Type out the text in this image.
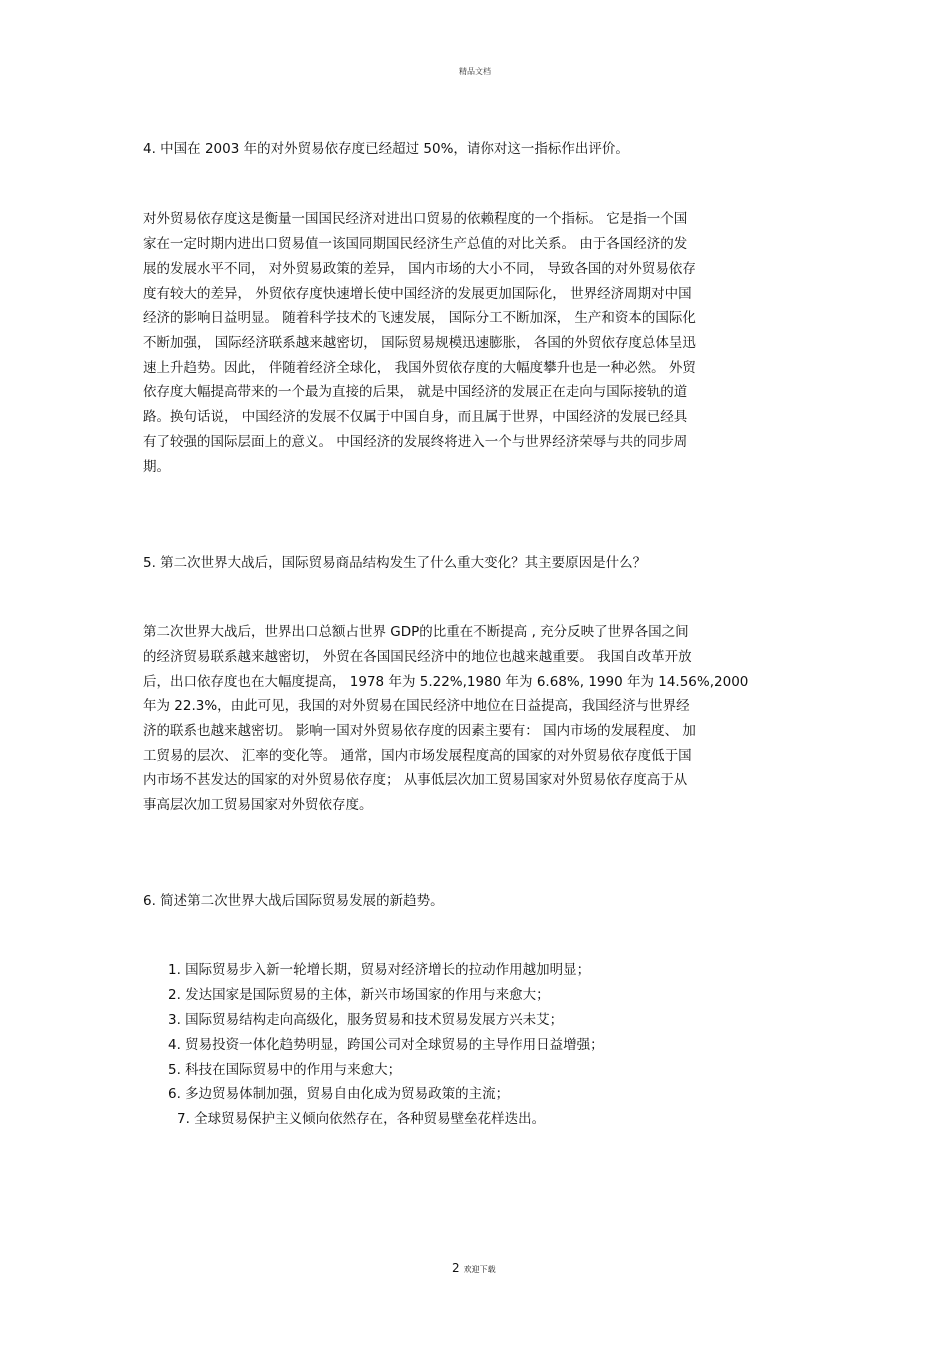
精品文档
4. 中国在 2003 年的对外贸易依存度已经超过 50%，请你对这一指标作出评价。
对外贸易依存度这是衡量一国国民经济对进出口贸易的依赖程度的一个指标。 它是指一个国
家在一定时期内进出口贸易值一该国同期国民经济生产总值的对比关系。 由于各国经济的发
展的发展水平不同， 对外贸易政策的差异， 国内市场的大小不同， 导致各国的对外贸易依存
度有较大的差异， 外贸依存度快速增长使中国经济的发展更加国际化， 世界经济周期对中国
经济的影响日益明显。 随着科学技术的飞速发展， 国际分工不断加深， 生产和资本的国际化
不断加强， 国际经济联系越来越密切， 国际贸易规模迅速膨胀， 各国的外贸依存度总体呈迅
速上升趋势。因此， 伴随着经济全球化， 我国外贸依存度的大幅度攀升也是一种必然。 外贸
依存度大幅提高带来的一个最为直接的后果， 就是中国经济的发展正在走向与国际接轨的道
路。换句话说， 中国经济的发展不仅属于中国自身，而且属于世界，中国经济的发展已经具
有了较强的国际层面上的意义。 中国经济的发展终将进入一个与世界经济荣辱与共的同步周
期。
5. 第二次世界大战后，国际贸易商品结构发生了什么重大变化？其主要原因是什么？
第二次世界大战后，世界出口总额占世界 GDP的比重在不断提高 , 充分反映了世界各国之间
的经济贸易联系越来越密切， 外贸在各国国民经济中的地位也越来越重要。 我国自改革开放
后，出口依存度也在大幅度提高， 1978 年为 5.22%,1980 年为 6.68%, 1990 年为 14.56%,2000
年为 22.3%，由此可见，我国的对外贸易在国民经济中地位在日益提高，我国经济与世界经
济的联系也越来越密切。 影响一国对外贸易依存度的因素主要有： 国内市场的发展程度、 加
工贸易的层次、 汇率的变化等。 通常，国内市场发展程度高的国家的对外贸易依存度低于国
内市场不甚发达的国家的对外贸易依存度； 从事低层次加工贸易国家对外贸易依存度高于从
事高层次加工贸易国家对外贸依存度。
6. 简述第二次世界大战后国际贸易发展的新趋势。
1. 国际贸易步入新一轮增长期，贸易对经济增长的拉动作用越加明显；
2. 发达国家是国际贸易的主体，新兴市场国家的作用与来愈大；
3. 国际贸易结构走向高级化，服务贸易和技术贸易发展方兴未艾；
4. 贸易投资一体化趋势明显，跨国公司对全球贸易的主导作用日益增强；
5. 科技在国际贸易中的作用与来愈大；
6. 多边贸易体制加强，贸易自由化成为贸易政策的主流；
7. 全球贸易保护主义倾向依然存在，各种贸易壁垒花样迭出。
2 欢迎下载
